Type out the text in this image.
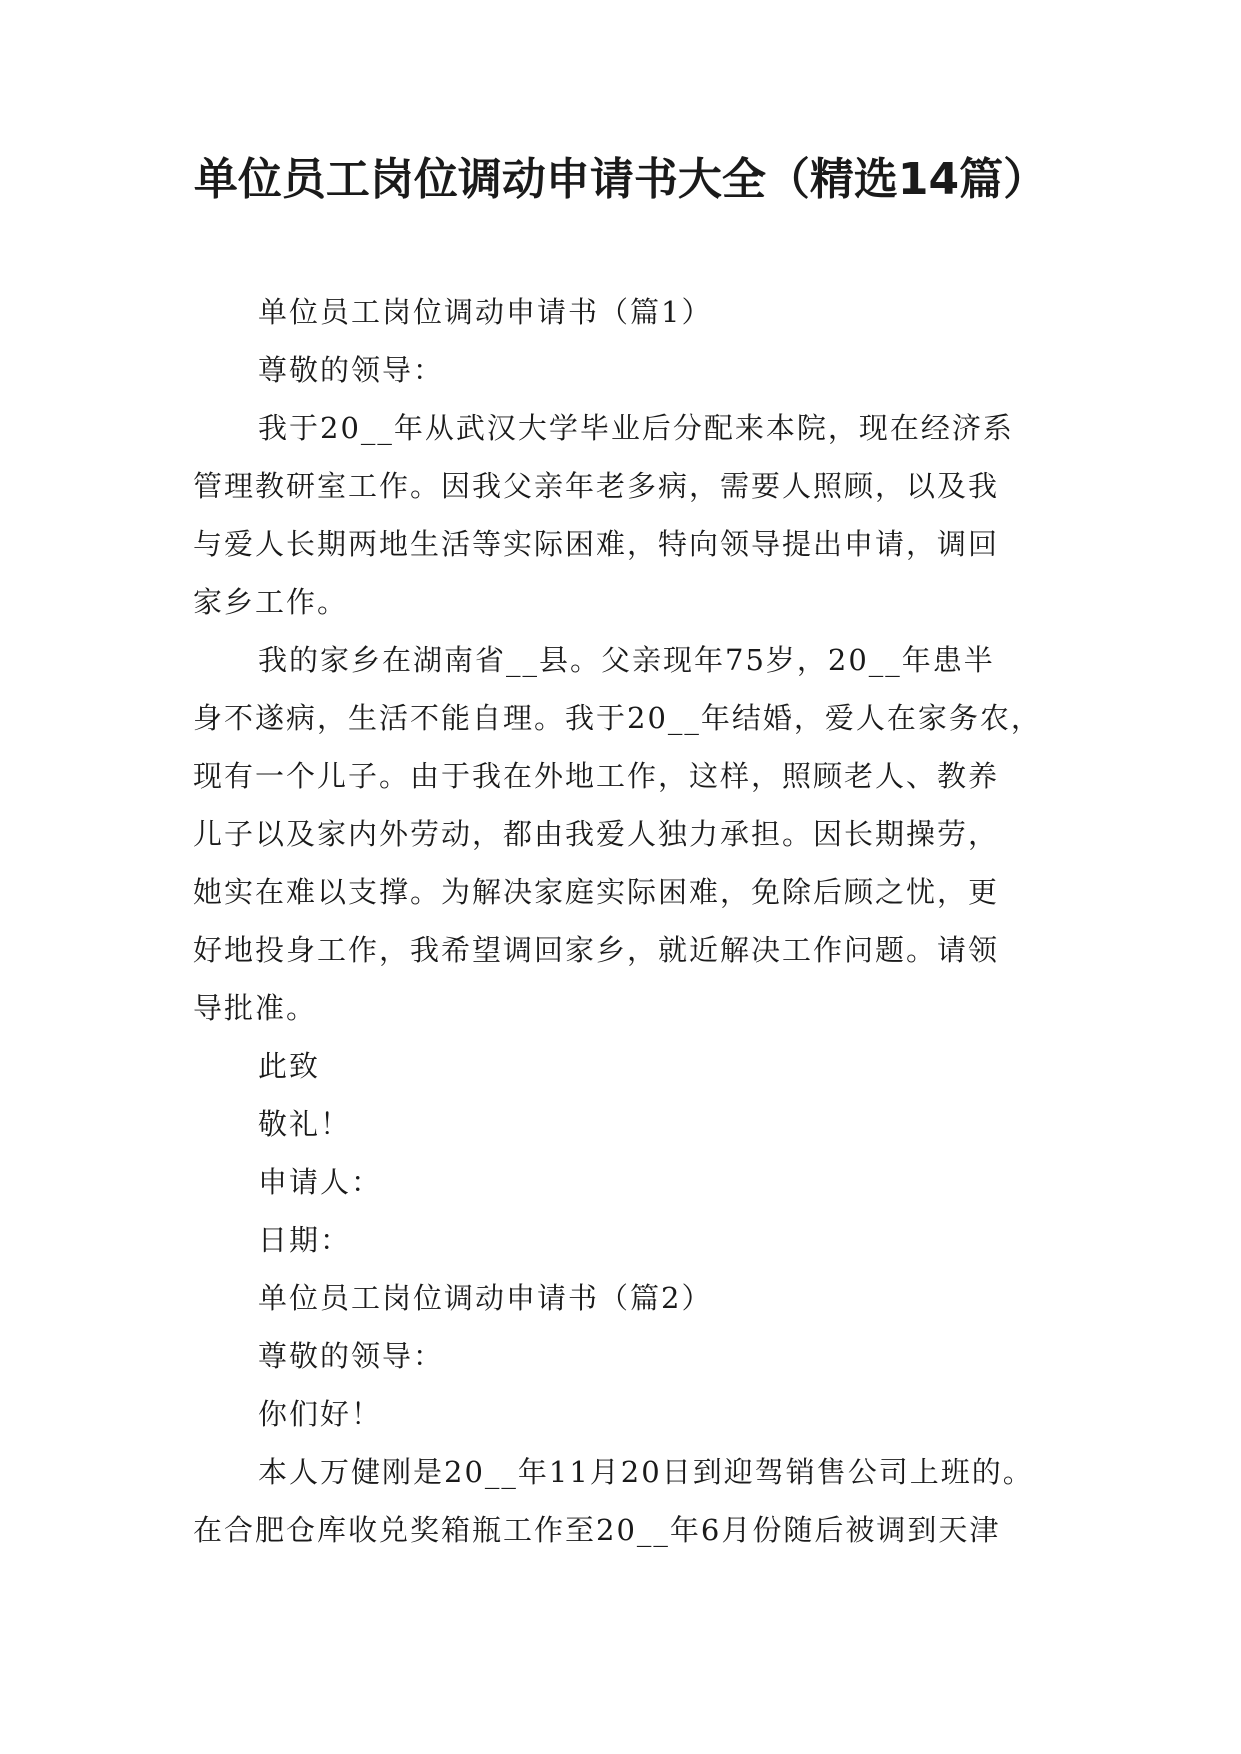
单位员工岗位调动申请书大全（精选14篇）
单位员工岗位调动申请书（篇1）
尊敬的领导：
我于20__年从武汉大学毕业后分配来本院，现在经济系
管理教研室工作。因我父亲年老多病，需要人照顾，以及我
与爱人长期两地生活等实际困难，特向领导提出申请，调回
家乡工作。
我的家乡在湖南省__县。父亲现年75岁，20__年患半
身不遂病，生活不能自理。我于20__年结婚，爱人在家务农，
现有一个儿子。由于我在外地工作，这样，照顾老人、教养
儿子以及家内外劳动，都由我爱人独力承担。因长期操劳，
她实在难以支撑。为解决家庭实际困难，免除后顾之忧，更
好地投身工作，我希望调回家乡，就近解决工作问题。请领
导批准。
此致
敬礼！
申请人：
日期：
单位员工岗位调动申请书（篇2）
尊敬的领导：
你们好！
本人万健刚是20__年11月20日到迎驾销售公司上班的。
在合肥仓库收兑奖箱瓶工作至20__年6月份随后被调到天津
